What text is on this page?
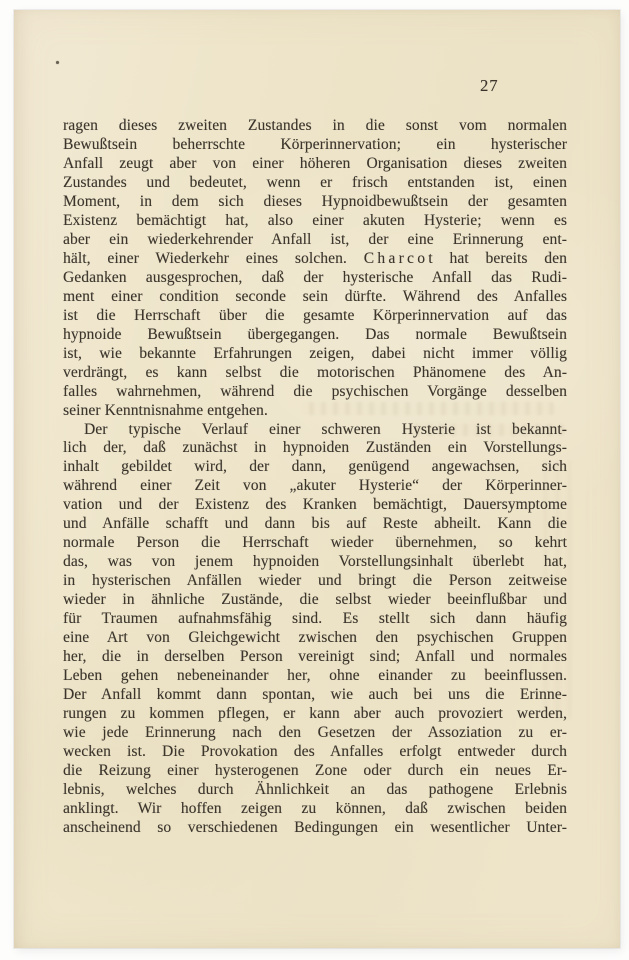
27
ragen dieses zweiten Zustandes in die sonst vom normalen
Bewußtsein beherrschte Körperinnervation; ein hysterischer
Anfall zeugt aber von einer höheren Organisation dieses zweiten
Zustandes und bedeutet, wenn er frisch entstanden ist, einen
Moment, in dem sich dieses Hypnoidbewußtsein der gesamten
Existenz bemächtigt hat, also einer akuten Hysterie; wenn es
aber ein wiederkehrender Anfall ist, der eine Erinnerung ent-
hält, einer Wiederkehr eines solchen. C h a r c o t hat bereits den
Gedanken ausgesprochen, daß der hysterische Anfall das Rudi-
ment einer condition seconde sein dürfte. Während des Anfalles
ist die Herrschaft über die gesamte Körperinnervation auf das
hypnoide Bewußtsein übergegangen. Das normale Bewußtsein
ist, wie bekannte Erfahrungen zeigen, dabei nicht immer völlig
verdrängt, es kann selbst die motorischen Phänomene des An-
falles wahrnehmen, während die psychischen Vorgänge desselben
seiner Kenntnisnahme entgehen.
Der typische Verlauf einer schweren Hysterie ist bekannt-
lich der, daß zunächst in hypnoiden Zuständen ein Vorstellungs-
inhalt gebildet wird, der dann, genügend angewachsen, sich
während einer Zeit von „akuter Hysterie“ der Körperinner-
vation und der Existenz des Kranken bemächtigt, Dauersymptome
und Anfälle schafft und dann bis auf Reste abheilt. Kann die
normale Person die Herrschaft wieder übernehmen, so kehrt
das, was von jenem hypnoiden Vorstellungsinhalt überlebt hat,
in hysterischen Anfällen wieder und bringt die Person zeitweise
wieder in ähnliche Zustände, die selbst wieder beeinflußbar und
für Traumen aufnahmsfähig sind. Es stellt sich dann häufig
eine Art von Gleichgewicht zwischen den psychischen Gruppen
her, die in derselben Person vereinigt sind; Anfall und normales
Leben gehen nebeneinander her, ohne einander zu beeinflussen.
Der Anfall kommt dann spontan, wie auch bei uns die Erinne-
rungen zu kommen pflegen, er kann aber auch provoziert werden,
wie jede Erinnerung nach den Gesetzen der Assoziation zu er-
wecken ist. Die Provokation des Anfalles erfolgt entweder durch
die Reizung einer hysterogenen Zone oder durch ein neues Er-
lebnis, welches durch Ähnlichkeit an das pathogene Erlebnis
anklingt. Wir hoffen zeigen zu können, daß zwischen beiden
anscheinend so verschiedenen Bedingungen ein wesentlicher Unter-
